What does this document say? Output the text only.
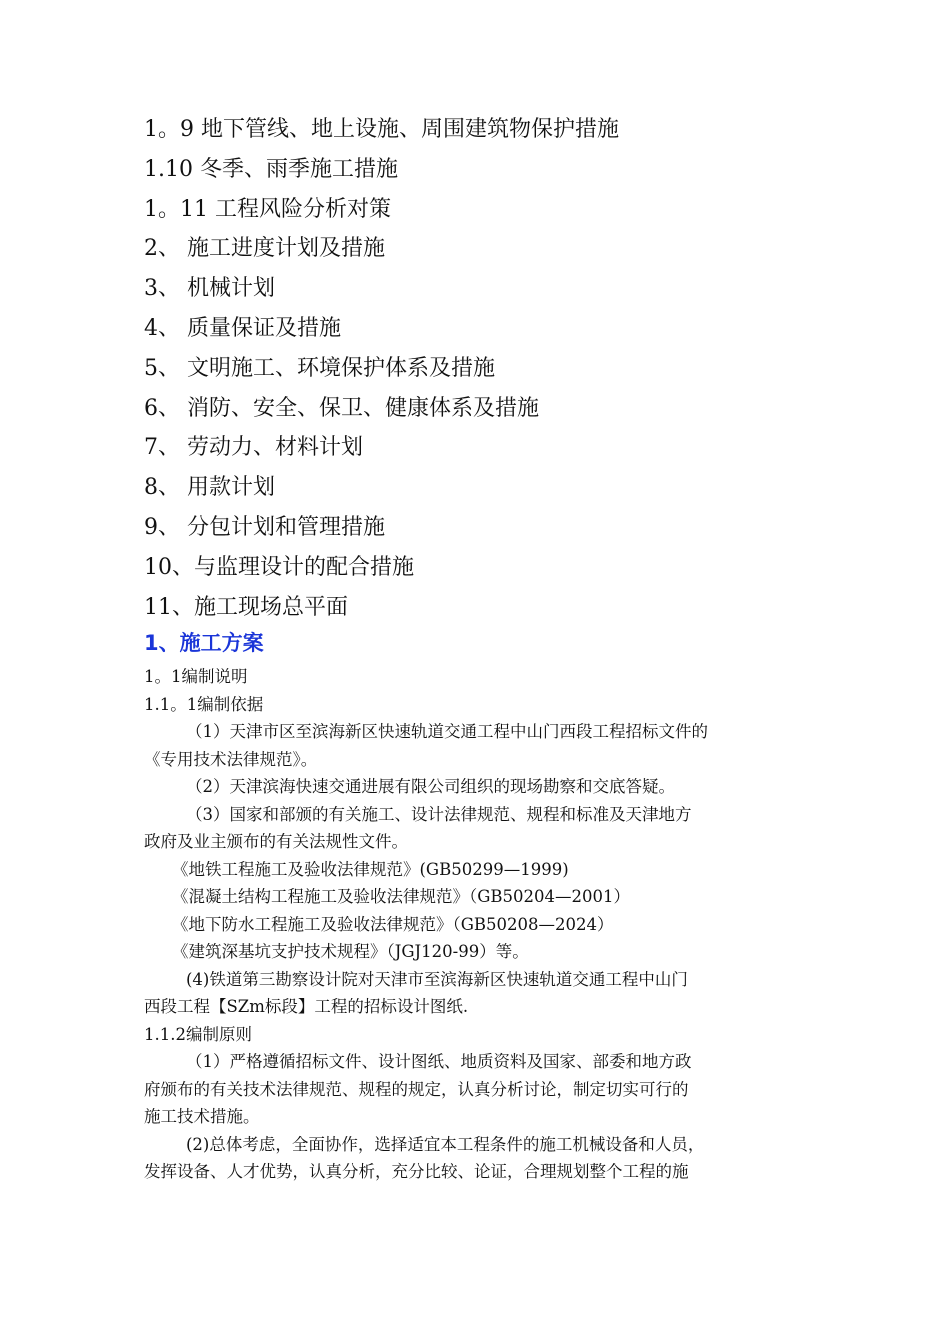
1。9 地下管线、地上设施、周围建筑物保护措施
1.10 冬季、雨季施工措施
1。11 工程风险分析对策
2、 施工进度计划及措施
3、 机械计划
4、 质量保证及措施
5、 文明施工、环境保护体系及措施
6、 消防、安全、保卫、健康体系及措施
7、 劳动力、材料计划
8、 用款计划
9、 分包计划和管理措施
10、与监理设计的配合措施
11、施工现场总平面
1、施工方案
1。1编制说明
1.1。1编制依据
（1）天津市区至滨海新区快速轨道交通工程中山门西段工程招标文件的
《专用技术法律规范》。
（2）天津滨海快速交通进展有限公司组织的现场勘察和交底答疑。
（3）国家和部颁的有关施工、设计法律规范、规程和标准及天津地方
政府及业主颁布的有关法规性文件。
《地铁工程施工及验收法律规范》(GB50299—1999)
《混凝土结构工程施工及验收法律规范》（GB50204—2001）
《地下防水工程施工及验收法律规范》（GB50208—2024）
《建筑深基坑支护技术规程》（JGJ120-99）等。
(4)铁道第三勘察设计院对天津市至滨海新区快速轨道交通工程中山门
西段工程【SZm标段】工程的招标设计图纸.
1.1.2编制原则
（1）严格遵循招标文件、设计图纸、地质资料及国家、部委和地方政
府颁布的有关技术法律规范、规程的规定，认真分析讨论，制定切实可行的
施工技术措施。
(2)总体考虑，全面协作，选择适宜本工程条件的施工机械设备和人员，
发挥设备、人才优势，认真分析，充分比较、论证，合理规划整个工程的施
